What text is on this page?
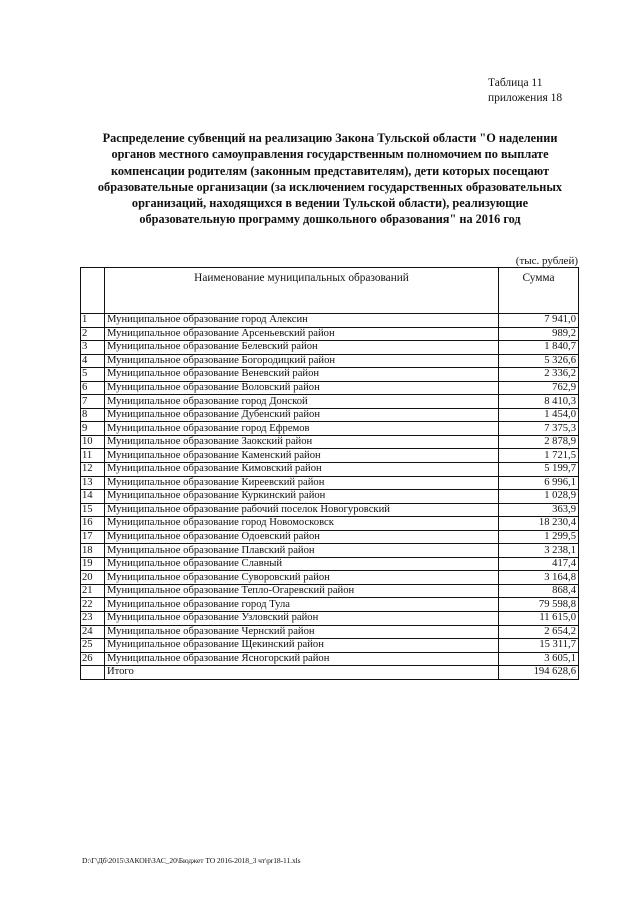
Таблица 11
приложения 18
Распределение субвенций на реализацию Закона Тульской области "О наделении
органов местного самоуправления государственным полномочием по выплате
компенсации родителям (законным представителям), дети которых посещают
образовательные организации (за исключением государственных образовательных
организаций, находящихся в ведении Тульской области), реализующие
образовательную программу дошкольного образования" на 2016 год
(тыс. рублей)
	Наименование муниципальных образований	Сумма
1	Муниципальное образование город Алексин	7 941,0
2	Муниципальное образование Арсеньевский район	989,2
3	Муниципальное образование Белевский район	1 840,7
4	Муниципальное образование Богородицкий район	5 326,6
5	Муниципальное образование Веневский район	2 336,2
6	Муниципальное образование Воловский район	762,9
7	Муниципальное образование город Донской	8 410,3
8	Муниципальное образование Дубенский район	1 454,0
9	Муниципальное образование город Ефремов	7 375,3
10	Муниципальное образование Заокский район	2 878,9
11	Муниципальное образование Каменский район	1 721,5
12	Муниципальное образование Кимовский район	5 199,7
13	Муниципальное образование Киреевский район	6 996,1
14	Муниципальное образование Куркинский район	1 028,9
15	Муниципальное образование рабочий поселок Новогуровский	363,9
16	Муниципальное образование город Новомосковск	18 230,4
17	Муниципальное образование Одоевский район	1 299,5
18	Муниципальное образование Плавский район	3 238,1
19	Муниципальное образование Славный	417,4
20	Муниципальное образование Суворовский район	3 164,8
21	Муниципальное образование Тепло-Огаревский район	868,4
22	Муниципальное образование город Тула	79 598,8
23	Муниципальное образование Узловский район	11 615,0
24	Муниципальное образование Чернский район	2 654,2
25	Муниципальное образование Щекинский район	15 311,7
26	Муниципальное образование Ясногорский район	3 605,1
	Итого	194 628,6
D:\Г\Дб\2015\ЗАКОН\ЗАС_20\Бюджет ТО 2016-2018_3 чт\pr18-11.xls
